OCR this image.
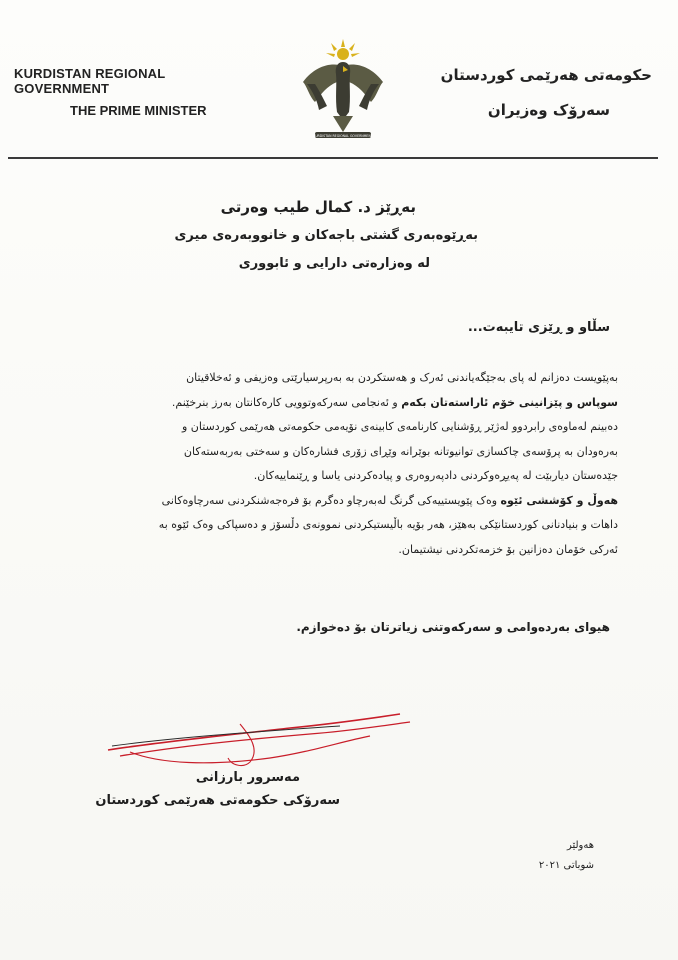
KURDISTAN REGIONAL GOVERNMENT
THE PRIME MINISTER
KURDISTAN REGIONAL GOVERNMENT
حکومەتی هەرێمی کوردستان
سەرۆک وەزیران
بەڕێز د. کمال طیب وەرتی
بەڕێوەبەری گشتی باجەکان و خانووبەرەی میری
لە وەزارەتی دارایی و ئابووری
سڵاو و ڕێزی تایبەت...

بەپێویست دەزانم لە پای بەجێگەیاندنی ئەرک و هەستکردن بە بەرپرسیارێتی وەزیفی و ئەخلاقیتان

سوپاس و پێزانینی خۆم ئاراستەتان بکەم و ئەنجامی سەرکەوتوویی کارەکانتان بەرز بنرخێنم.

دەبینم لەماوەی رابردوو لەژێر ڕۆشنایی کارنامەی کابینەی نۆیەمی حکومەتی هەرێمی کوردستان و

بەرەودان بە پرۆسەی چاکسازی توانیوتانە بوێرانە وێڕای زۆری فشارەکان و سەختی بەربەستەکان

جێدەستان دیاربێت لە پەیڕەوکردنی دادپەروەری و پیادەکردنی یاسا و ڕێنماییەکان.

هەوڵ و کۆششی ئێوە وەک پێویستییەکی گرنگ لەبەرچاو دەگرم بۆ فرەجەشنکردنی سەرچاوەکانی

داهات و بنیادنانی کوردستانێکی بەهێز، هەر بۆیە باڵیستیکردنی نموونەی دڵسۆز و دەسپاکی وەک ئێوە بە

ئەرکی خۆمان دەزانین بۆ خزمەتکردنی نیشتیمان.

هیوای بەردەوامی و سەرکەوتنی زیاترتان بۆ دەخوازم.
مەسرور بارزانی
سەرۆکی حکومەتی هەرێمی کوردستان
هەولێر
شوباتی ٢٠٢١
